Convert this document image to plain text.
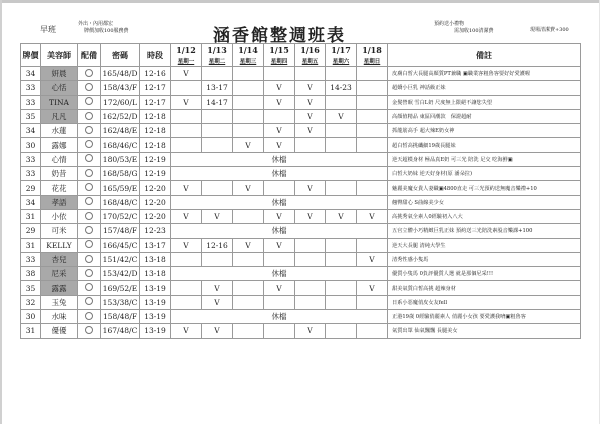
早班
外出・內用都宏
牌價加收100服務費	涵香館整週班表
預約送小禮物
需加收100清潔費	現場清潔費+300
牌價	美容師	配備	密碼	時段	1/12	1/13	1/14	1/15	1/16	1/17	1/18	備註
					星期一	星期二	星期三	星期四	星期五	星期六	星期日	
34	妍晨		165/48/D	12-16	V							皮膚白皙大長腿高顏質PT兼職 ▣職業客粗魯客要好好愛護喔
33	心恬		158/43/F	12-17		13-17		V	V	14-23		超嬌小巨乳 神話級正妹
33	TINA		172/60/L	12-17	V	14-17		V	V			金髮營眠 雪白L奶 尺度無上限絕不讓您失望
35	凡凡		162/52/D	12-18					V	V		高顏值精品 東區回潮款　保證超耐
34	水蓮		162/48/E	12-18				V	V			抓龍筋高手 超大辣E奶女神
30	露娜		168/46/C	12-18			V	V				超白皙高挑纖細19歲長腿妹
33	心情		180/53/E	12-19	休檔							逆天超模身材 極品真E奶 可三光 陪洗 足交 吃海鮮▣
33	奶昔		168/58/G	12-19	休檔							白皙大奶妹 逆天好身材(原 潘朵拉)
29	花花		165/59/E	12-20	V		V		V			魅麗美魔女貴人妻職▣4800直走 可三光預約送無魔音樂禮+10
34	孝語		168/48/C	12-20	休檔							翹臀甜心 S曲線美少女
31	小依		170/52/C	12-20	V	V		V	V	V	V	高挑秀氣全素人0經驗初入八大
29	可米		157/48/F	12-23	休檔							五官立體小巧精緻巨乳正妹 預約送三光陪洗素股音樂課+100
31	KELLY		166/45/C	13-17	V	12-16	V	V				逆天大長腿 清純大學生
33	杏兒		151/42/C	13-18							V	清秀性感小隻馬
38	尼采		153/42/D	13-18	休檔							優質小隻馬 0負評優質人選 就是那個尼采!!!
35	露露		169/52/E	13-19		V		V			V	甜美氣質白皙高挑 超辣身材
32	玉兔		153/38/C	13-19		V						日系小惡魔俏皮女友fell
30	水味		158/48/F	13-19	休檔							正港19歲 0經驗俏麗素人 俏麗小女孩 要愛護我唷▣粗魯客
31	優優		167/48/C	13-19	V	V			V			氣質出眾 仙氣飄飄 長腿美女
